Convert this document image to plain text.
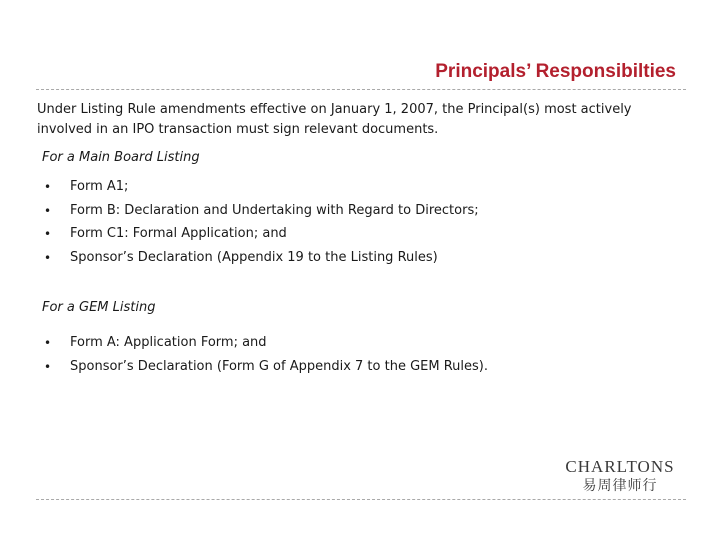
Principals’ Responsibilties

Under Listing Rule amendments effective on January 1, 2007, the Principal(s) most actively involved in an IPO transaction must sign relevant documents.

For a Main Board Listing

• Form A1;
• Form B: Declaration and Undertaking with Regard to Directors;
• Form C1: Formal Application; and
• Sponsor’s Declaration (Appendix 19 to the Listing Rules)

For a GEM Listing

• Form A: Application Form; and
• Sponsor’s Declaration (Form G of Appendix 7 to the GEM Rules).
CHARLTONS
易周律师行
